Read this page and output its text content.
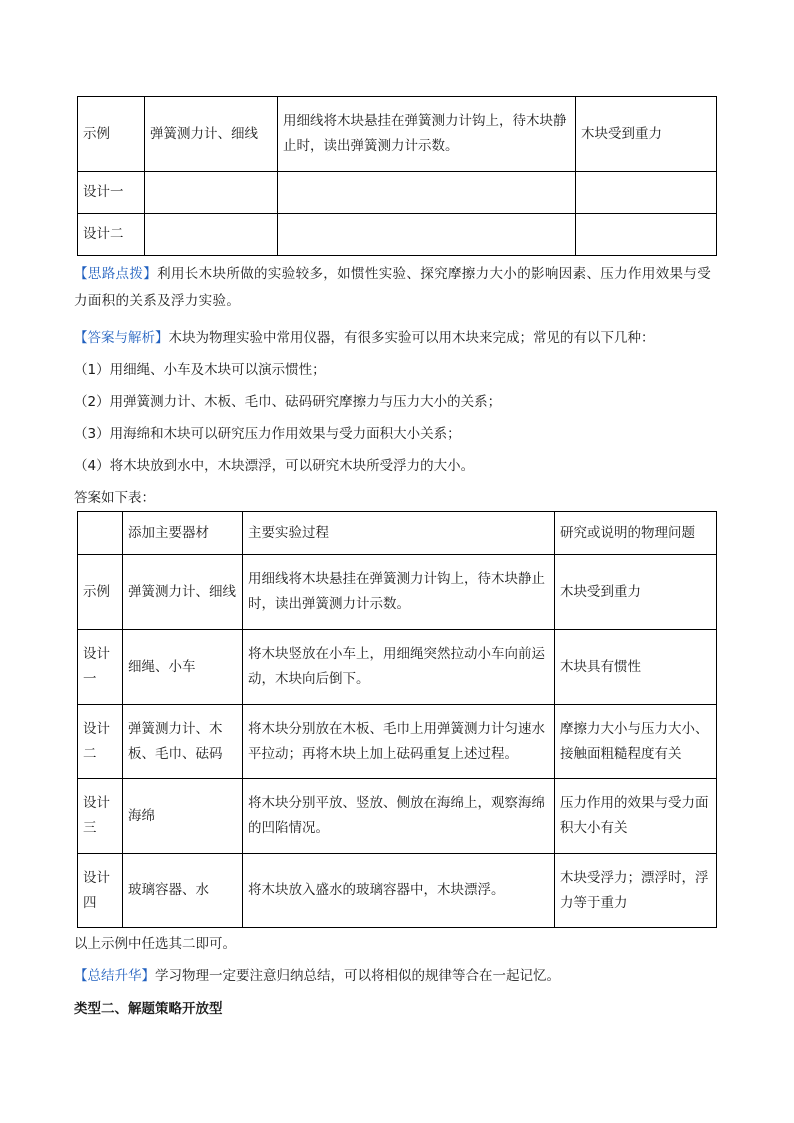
示例	弹簧测力计、细线	用细线将木块悬挂在弹簧测力计钩上，待木块静止时，读出弹簧测力计示数。	木块受到重力
设计一			
设计二			
【思路点拨】利用长木块所做的实验较多，如惯性实验、探究摩擦力大小的影响因素、压力作用效果与受力面积的关系及浮力实验。
【答案与解析】木块为物理实验中常用仪器，有很多实验可以用木块来完成；常见的有以下几种：
（1）用细绳、小车及木块可以演示惯性；
（2）用弹簧测力计、木板、毛巾、砝码研究摩擦力与压力大小的关系；
（3）用海绵和木块可以研究压力作用效果与受力面积大小关系；
（4）将木块放到水中，木块漂浮，可以研究木块所受浮力的大小。
答案如下表：
	添加主要器材	主要实验过程	研究或说明的物理问题
示例	弹簧测力计、细线	用细线将木块悬挂在弹簧测力计钩上，待木块静止时，读出弹簧测力计示数。	木块受到重力
设计一	细绳、小车	将木块竖放在小车上，用细绳突然拉动小车向前运动，木块向后倒下。	木块具有惯性
设计二	弹簧测力计、木板、毛巾、砝码	将木块分别放在木板、毛巾上用弹簧测力计匀速水平拉动；再将木块上加上砝码重复上述过程。	摩擦力大小与压力大小、接触面粗糙程度有关
设计三	海绵	将木块分别平放、竖放、侧放在海绵上，观察海绵的凹陷情况。	压力作用的效果与受力面积大小有关
设计四	玻璃容器、水	将木块放入盛水的玻璃容器中，木块漂浮。	木块受浮力；漂浮时，浮力等于重力
以上示例中任选其二即可。
【总结升华】学习物理一定要注意归纳总结，可以将相似的规律等合在一起记忆。
类型二、解题策略开放型
